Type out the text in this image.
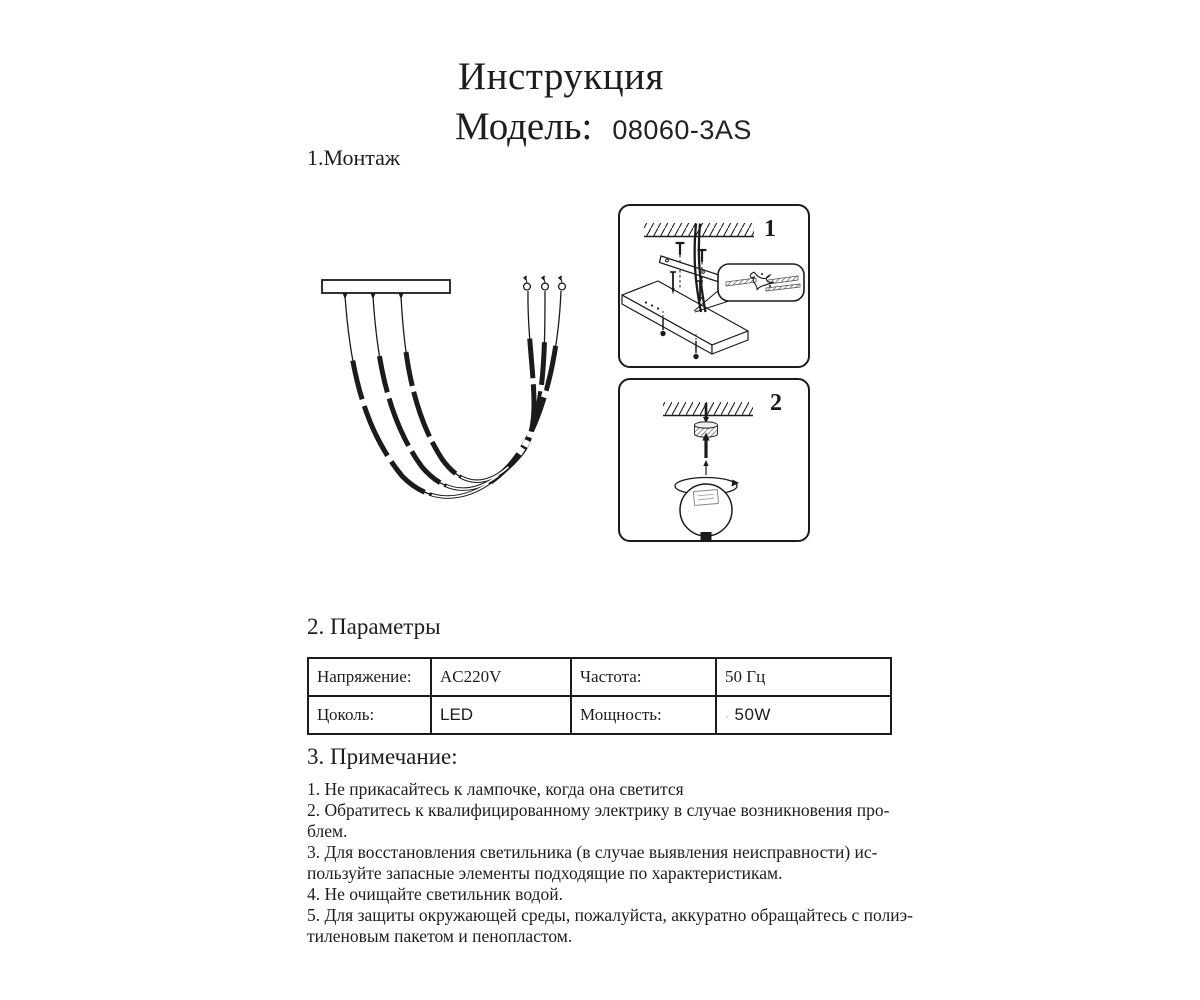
Инструкция
Модель: 08060-3AS
1.Монтаж
1
2
2. Параметры
Напряжение:	AC220V	Частота:	50 Гц
Цоколь:	LED	Мощность:	· 50W
3. Примечание:
1. Не прикасайтесь к лампочке, когда она светится
2. Обратитесь к квалифицированному электрику в случае возникновения про-
блем.
3. Для восстановления светильника (в случае выявления неисправности) ис-
пользуйте запасные элементы подходящие по характеристикам.
4. Не очищайте светильник водой.
5. Для защиты окружающей среды, пожалуйста, аккуратно обращайтесь с полиэ-
тиленовым пакетом и пенопластом.
